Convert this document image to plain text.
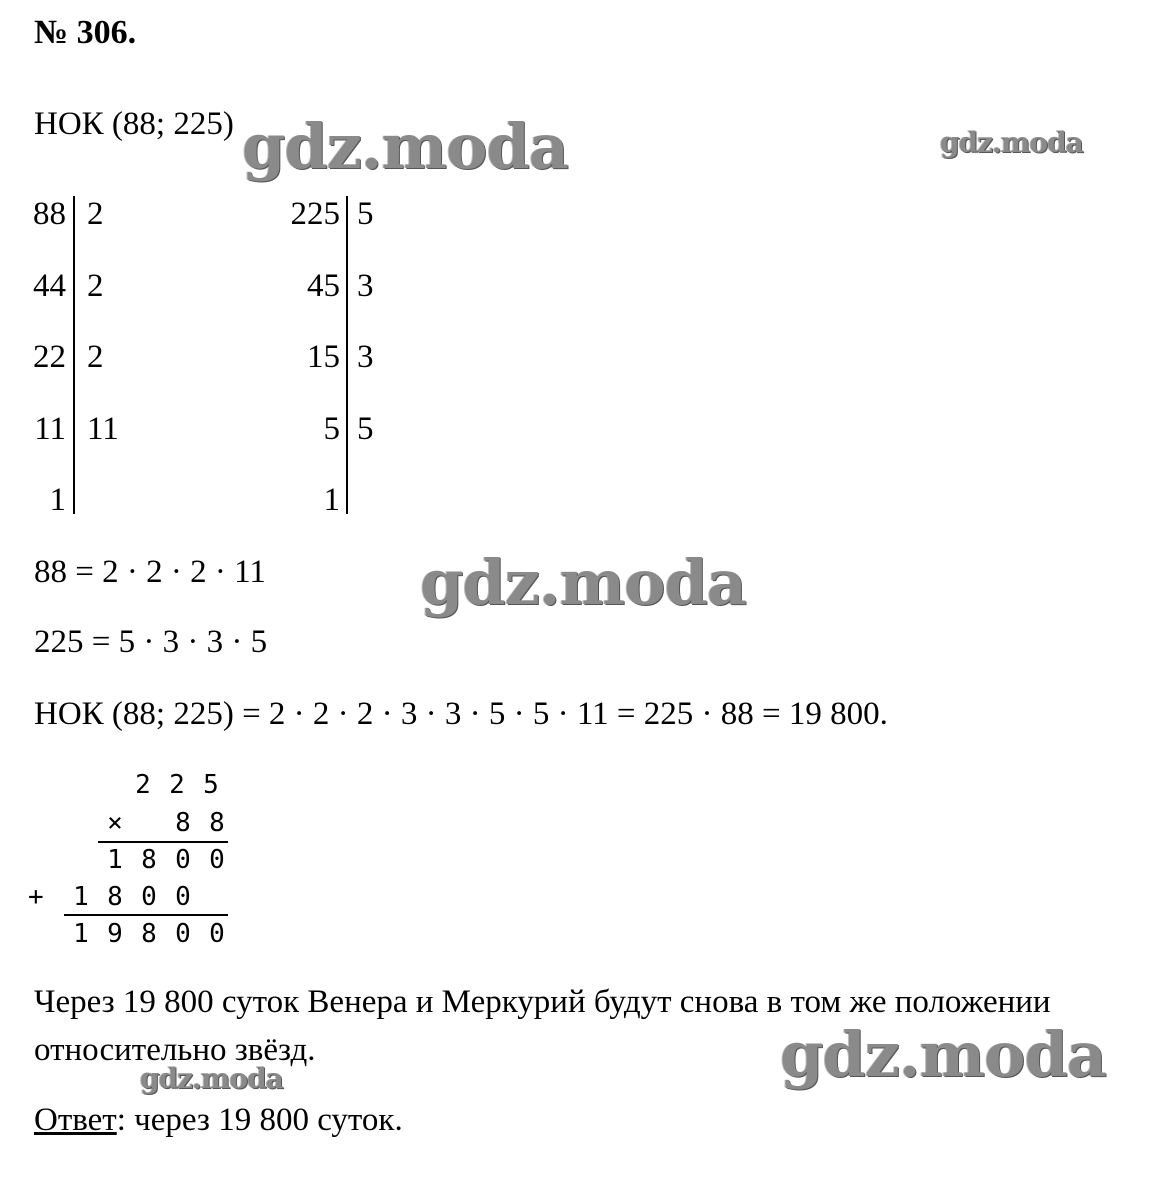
№ 306.
НОК (88; 225)
88
44
22
11
1
2
2
2
11
225
45
15
5
1
5
3
3
5
88 = 2 · 2 · 2 · 11
225 = 5 · 3 · 3 · 5
НОК (88; 225) = 2 · 2 · 2 · 3 · 3 · 5 · 5 · 11 = 225 · 88 = 19 800.
2 2 5
× 8 8
1 8 0 0
+	1 8 0 0
1 9 8 0 0
Через 19 800 суток Венера и Меркурий будут снова в том же положении
относительно звёзд.
Ответ: через 19 800 суток.
gdz.moda	gdz.moda
gdz.moda
gdz.moda
gdz.moda
